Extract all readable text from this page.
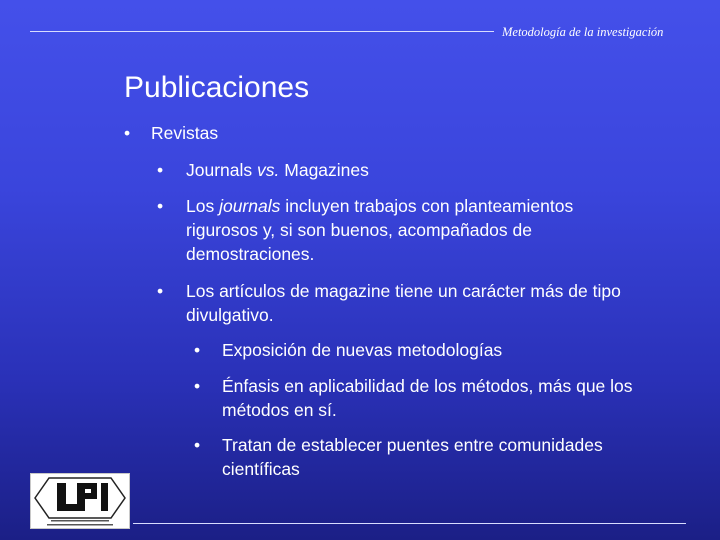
Metodología de la investigación
Publicaciones
•	Revistas
•	Journals vs. Magazines
•	Los journals incluyen trabajos con planteamientos rigurosos y, si son buenos, acompañados de demostraciones.
•	Los artículos de magazine tiene un carácter más de tipo divulgativo.
•	Exposición de nuevas metodologías
•	Énfasis en aplicabilidad de los métodos, más que los métodos en sí.
•	Tratan de establecer puentes entre comunidades científicas
